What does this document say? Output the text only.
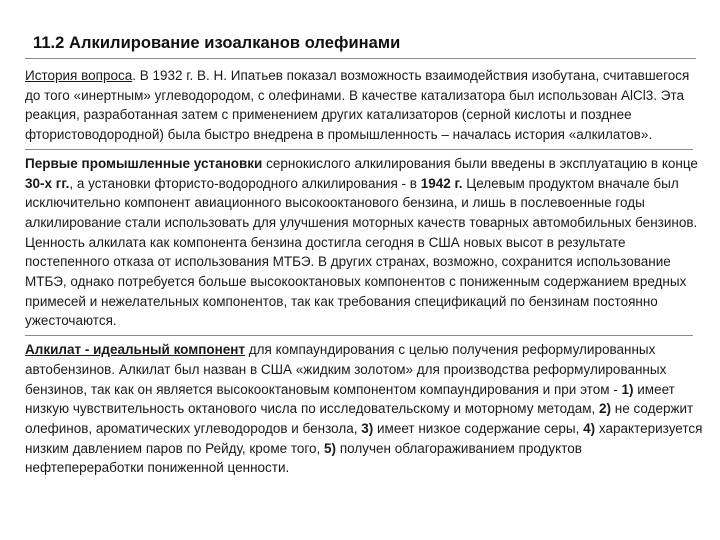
11.2 Алкилирование изоалканов олефинами

История вопроса. В 1932 г. В. Н. Ипатьев показал возможность взаимодействия изобутана, считавшегося до того «инертным» углеводородом, с олефинами. В качестве катализатора был использован AlCl3. Эта реакция, разработанная затем с применением других катализаторов (серной кислоты и позднее фтористоводородной) была быстро внедрена в промышленность – началась история «алкилатов».

Первые промышленные установки сернокислого алкилирования были введены в эксплуатацию в конце 30-х гг., а установки фтористо-водородного алкилирования - в 1942 г. Целевым продуктом вначале был исключительно компонент авиационного высокооктанового бензина, и лишь в послевоенные годы алкилирование стали использовать для улучшения моторных качеств товарных автомобильных бензинов. Ценность алкилата как компонента бензина достигла сегодня в США новых высот в результате постепенного отказа от использования МТБЭ. В других странах, возможно, сохранится использование МТБЭ, однако потребуется больше высокооктановых компонентов с пониженным содержанием вредных примесей и нежелательных компонентов, так как требования спецификаций по бензинам постоянно ужесточаются.

Алкилат - идеальный компонент для компаундирования с целью получения реформулированных автобензинов. Алкилат был назван в США «жидким золотом» для производства реформулированных бензинов, так как он является высокооктановым компонентом компаундирования и при этом - 1) имеет низкую чувствительность октанового числа по исследовательскому и моторному методам, 2) не содержит олефинов, ароматических углеводородов и бензола, 3) имеет низкое содержание серы, 4) характеризуется низким давлением паров по Рейду, кроме того, 5) получен облагораживанием продуктов нефтепереработки пониженной ценности.
